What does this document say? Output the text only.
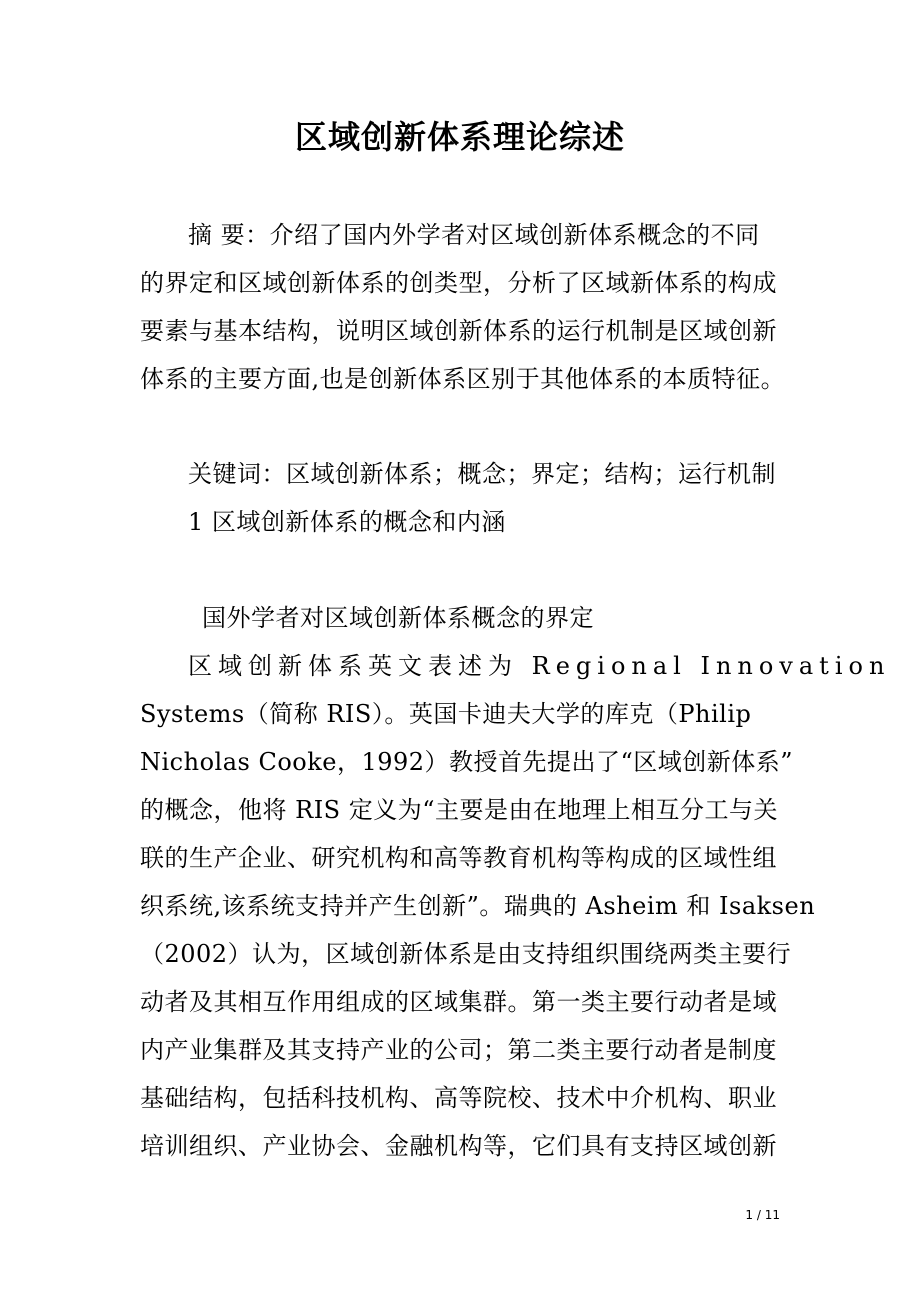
区域创新体系理论综述
摘 要：介绍了国内外学者对区域创新体系概念的不同
的界定和区域创新体系的创类型，分析了区域新体系的构成
要素与基本结构，说明区域创新体系的运行机制是区域创新
体系的主要方面,也是创新体系区别于其他体系的本质特征。
关键词：区域创新体系；概念；界定；结构；运行机制
1 区域创新体系的概念和内涵
国外学者对区域创新体系概念的界定
区域创新体系英文表述为 Regional Innovation
Systems（简称 RIS）。英国卡迪夫大学的库克（Philip
Nicholas Cooke，1992）教授首先提出了“区域创新体系”
的概念，他将 RIS 定义为“主要是由在地理上相互分工与关
联的生产企业、研究机构和高等教育机构等构成的区域性组
织系统,该系统支持并产生创新”。瑞典的 Asheim 和 Isaksen
（2002）认为，区域创新体系是由支持组织围绕两类主要行
动者及其相互作用组成的区域集群。第一类主要行动者是域
内产业集群及其支持产业的公司；第二类主要行动者是制度
基础结构，包括科技机构、高等院校、技术中介机构、职业
培训组织、产业协会、金融机构等，它们具有支持区域创新
1 / 11
